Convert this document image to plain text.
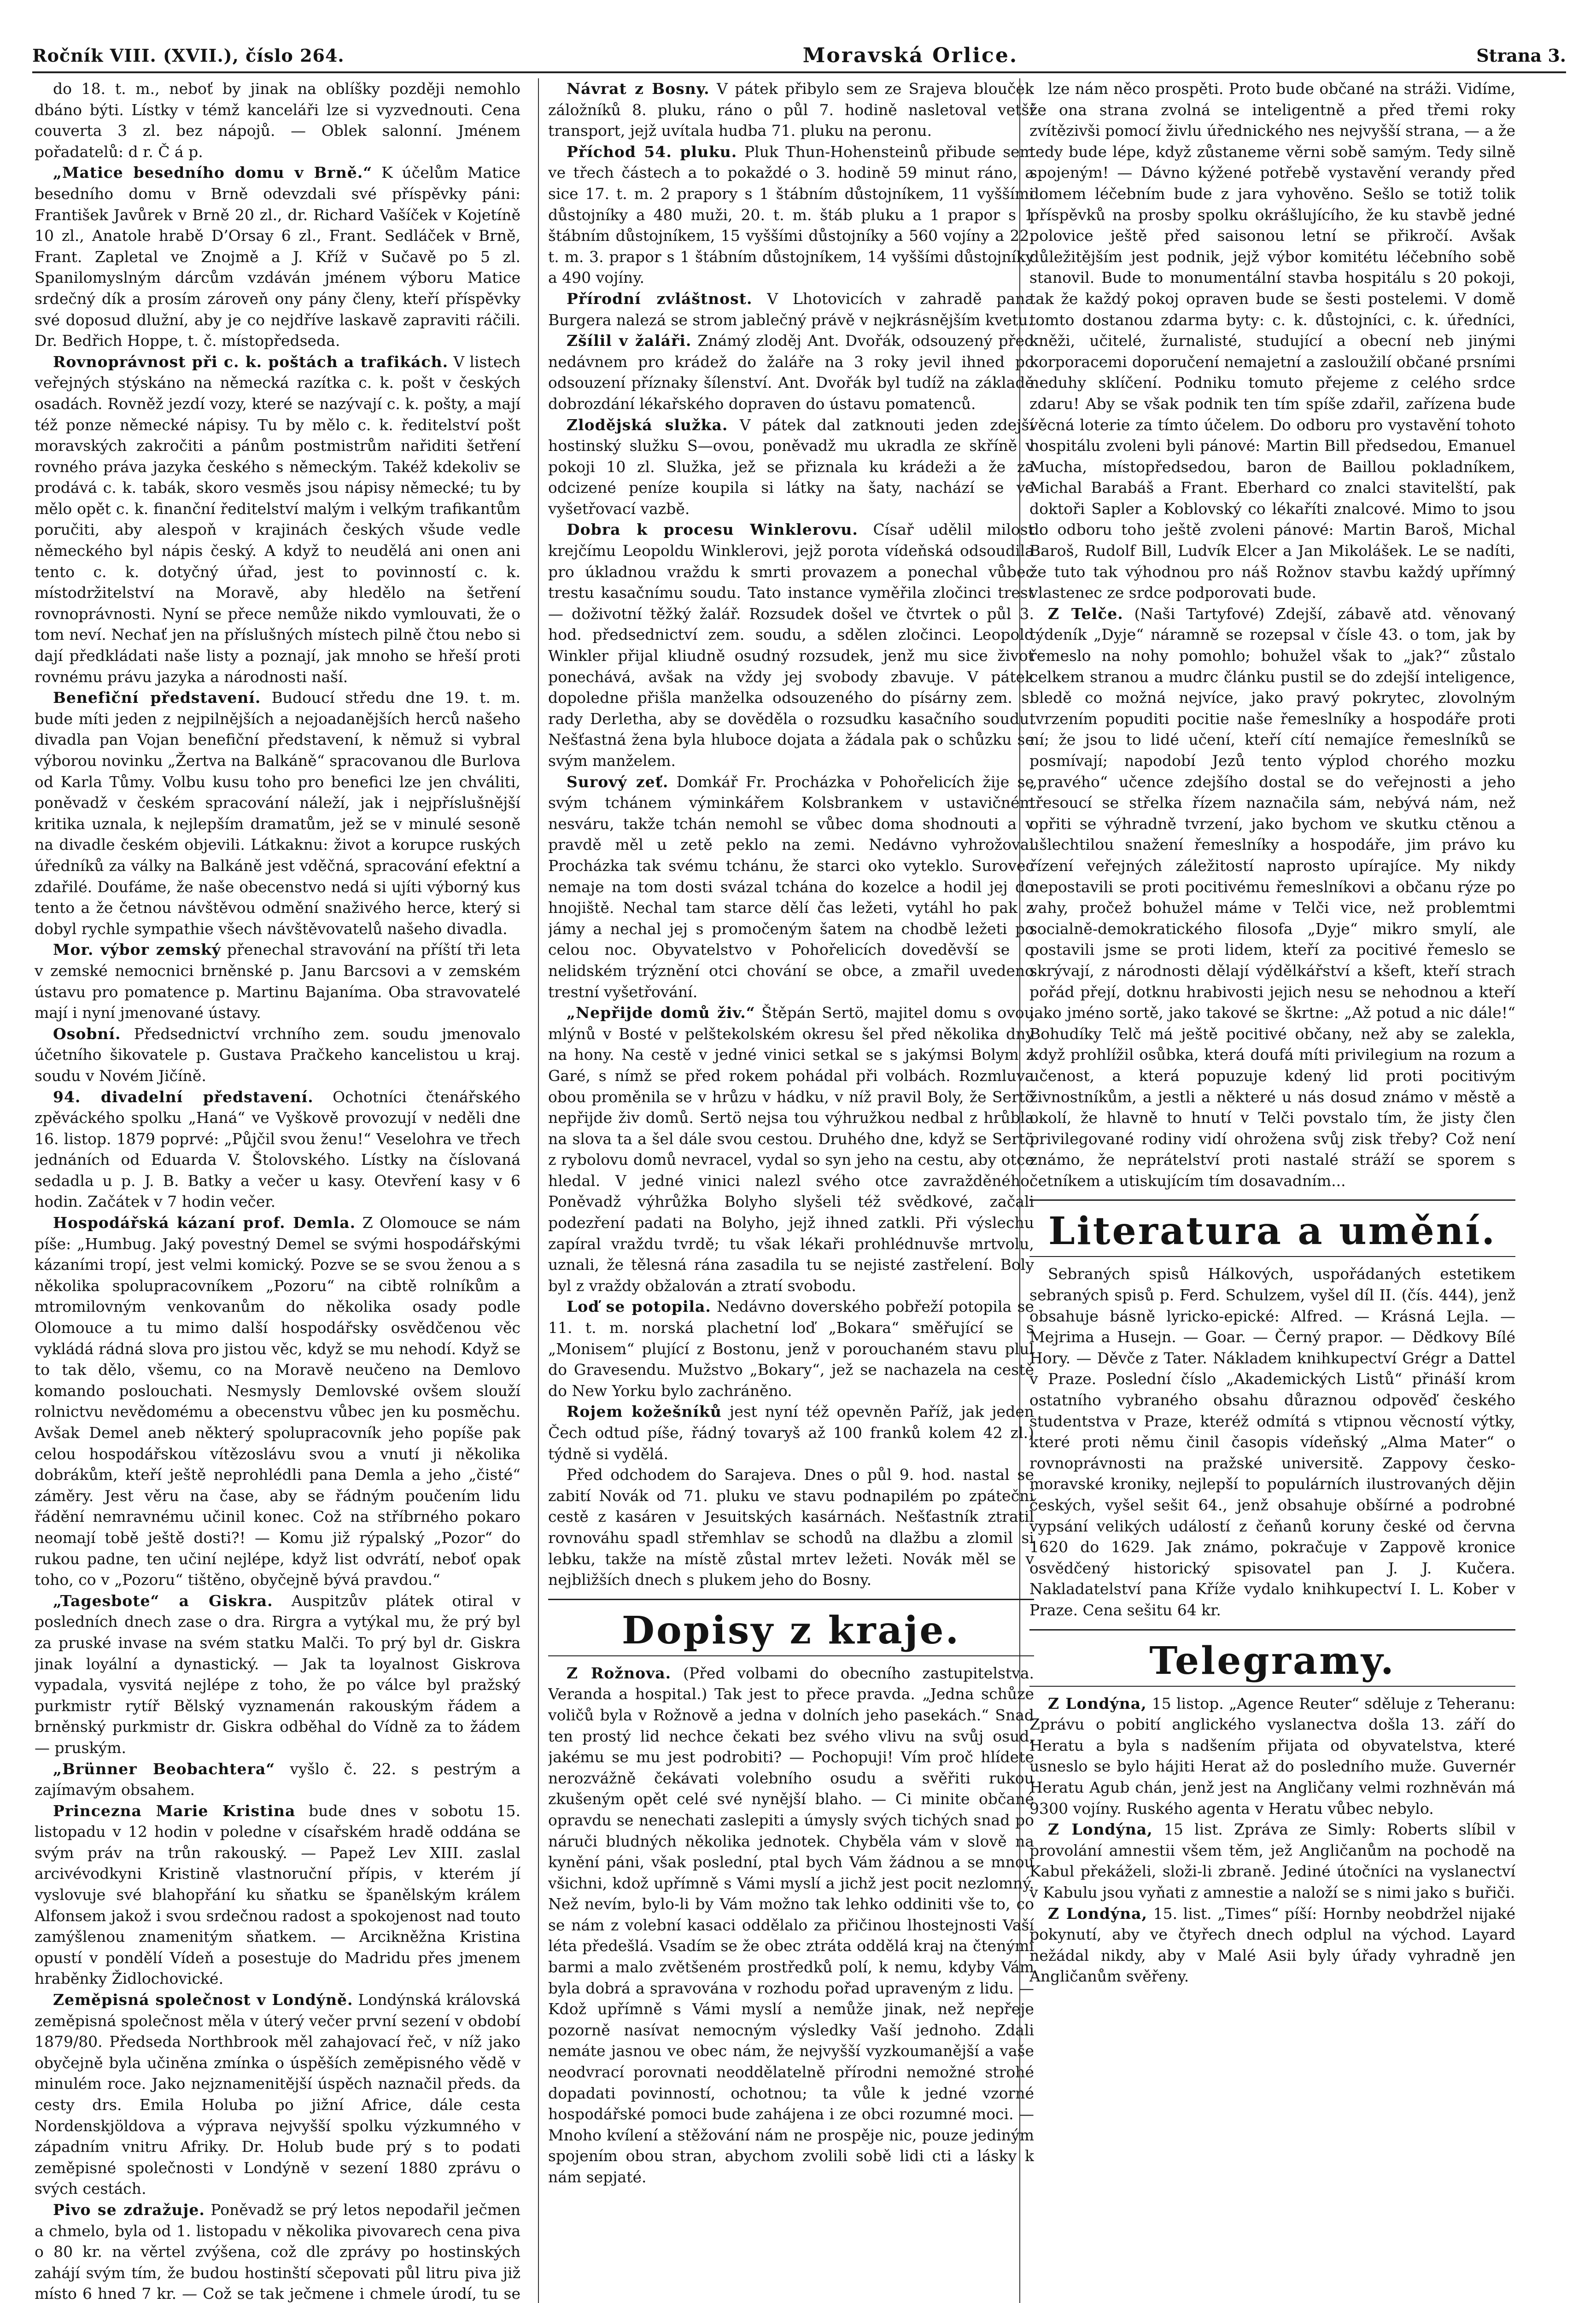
Ročník VIII. (XVII.), číslo 264.	Moravská Orlice.	Strana 3.

do 18. t. m., neboť by jinak na oblíšky později nemohlo dbáno býti. Lístky v témž kanceláři lze si vyzvednouti. Cena couverta 3 zl. bez nápojů. — Oblek salonní. Jménem pořadatelů: d r. Č á p.

„Matice besedního domu v Brně.“ K účelům Matice besedního domu v Brně odevzdali své příspěvky páni: František Javůrek v Brně 20 zl., dr. Richard Vašíček v Kojetíně 10 zl., Anatole hrabě D’Orsay 6 zl., Frant. Sedláček v Brně, Frant. Zapletal ve Znojmě a J. Kříž v Sučavě po 5 zl. Spanilomyslným dárcům vzdáván jménem výboru Matice srdečný dík a prosím zároveň ony pány členy, kteří příspěvky své doposud dlužní, aby je co nejdříve laskavě zapraviti ráčili. Dr. Bedřich Hoppe, t. č. místopředseda.

Rovnoprávnost při c. k. poštách a trafikách. V listech veřejných stýskáno na německá razítka c. k. pošt v českých osadách. Rovněž jezdí vozy, které se nazývají c. k. pošty, a mají též ponze německé nápisy. Tu by mělo c. k. ředitelství pošt moravských zakročiti a pánům postmistrům nařiditi šetření rovného práva jazyka českého s německým. Takéž kdekoliv se prodává c. k. tabák, skoro vesměs jsou nápisy německé; tu by mělo opět c. k. finanční ředitelství malým i velkým trafikantům poručiti, aby alespoň v krajinách českých všude vedle německého byl nápis český. A když to neudělá ani onen ani tento c. k. dotyčný úřad, jest to povinností c. k. místodržitelství na Moravě, aby hledělo na šetření rovnoprávnosti. Nyní se přece nemůže nikdo vymlouvati, že o tom neví. Nechať jen na příslušných místech pilně čtou nebo si dají předkládati naše listy a poznají, jak mnoho se hřeší proti rovnému právu jazyka a národnosti naší.

Benefiční představení. Budoucí středu dne 19. t. m. bude míti jeden z nejpilnějších a nejoadanějších herců našeho divadla pan Vojan benefiční představení, k němuž si vybral výborou novinku „Žertva na Balkáně“ spracovanou dle Burlova od Karla Tůmy. Volbu kusu toho pro benefici lze jen chváliti, poněvadž v českém spracování náleží, jak i nejpříslušnější kritika uznala, k nejlepším dramatům, jež se v minulé sesoně na divadle českém objevili. Látkaknu: život a korupce ruských úředníků za války na Balkáně jest vděčná, spracování efektní a zdařilé. Doufáme, že naše obecenstvo nedá si ujíti výborný kus tento a že četnou návštěvou odmění snaživého herce, který si dobyl rychle sympathie všech návštěvovatelů našeho divadla.

Mor. výbor zemský přenechal stravování na příští tři leta v zemské nemocnici brněnské p. Janu Barcsovi a v zemském ústavu pro pomatence p. Martinu Bajaníma. Oba stravovatelé mají i nyní jmenované ústavy.

Osobní. Předsednictví vrchního zem. soudu jmenovalo účetního šikovatele p. Gustava Pračkeho kancelistou u kraj. soudu v Novém Jičíně.

94. divadelní představení. Ochotníci čtenářského zpěváckého spolku „Haná“ ve Vyškově provozují v neděli dne 16. listop. 1879 poprvé: „Půjčil svou ženu!“ Veselohra ve třech jednáních od Eduarda V. Štolovského. Lístky na číslovaná sedadla u p. J. B. Batky a večer u kasy. Otevření kasy v 6 hodin. Začátek v 7 hodin večer.

Hospodářská kázaní prof. Demla. Z Olomouce se nám píše: „Humbug. Jaký povestný Demel se svými hospodářskými kázaními tropí, jest velmi komický. Pozve se se svou ženou a s několika spolupracovníkem „Pozoru“ na cibtě rolníkům a mtromilovným venkovanům do několika osady podle Olomouce a tu mimo další hospodářsky osvědčenou věc vykládá rádná slova pro jistou věc, když se mu nehodí. Když se to tak dělo, všemu, co na Moravě neučeno na Demlovo komando poslouchati. Nesmysly Demlovské ovšem slouží rolnictvu nevědomému a obecenstvu vůbec jen ku posměchu. Avšak Demel aneb některý spolupracovník jeho popíše pak celou hospodářskou vítězoslávu svou a vnutí ji několika dobrákům, kteří ještě neprohlédli pana Demla a jeho „čisté“ záměry. Jest věru na čase, aby se řádným poučením lidu řádění nemravnému učinil konec. Což na stříbrného pokaro neomají tobě ještě dosti?! — Komu již rýpalský „Pozor“ do rukou padne, ten učiní nejlépe, když list odvrátí, neboť opak toho, co v „Pozoru“ tištěno, obyčejně bývá pravdou.“

„Tagesbote“ a Giskra. Auspitzův plátek otiral v posledních dnech zase o dra. Rirgra a vytýkal mu, že prý byl za pruské invase na svém statku Malči. To prý byl dr. Giskra jinak loyální a dynastický. — Jak ta loyalnost Giskrova vypadala, vysvitá nejlépe z toho, že po válce byl pražský purkmistr rytíř Bělský vyznamenán rakouským řádem a brněnský purkmistr dr. Giskra odběhal do Vídně za to žádem — pruským.

„Brünner Beobachtera“ vyšlo č. 22. s pestrým a zajímavým obsahem.

Princezna Marie Kristina bude dnes v sobotu 15. listopadu v 12 hodin v poledne v císařském hradě oddána se svým práv na trůn rakouský. — Papež Lev XIII. zaslal arcivévodkyni Kristině vlastnoruční přípis, v kterém jí vyslovuje své blahopřání ku sňatku se španělským králem Alfonsem jakož i svou srdečnou radost a spokojenost nad touto zamýšlenou znamenitým sňatkem. — Arcikněžna Kristina opustí v pondělí Vídeň a posestuje do Madridu přes jmenem hraběnky Židlochovické.

Zeměpisná společnost v Londýně. Londýnská královská zeměpisná společnost měla v úterý večer první sezení v období 1879/80. Předseda Northbrook měl zahajovací řeč, v níž jako obyčejně byla učiněna zmínka o úspěších zeměpisného vědě v minulém roce. Jako nejznamenitější úspěch naznačil předs. da cesty drs. Emila Holuba po jižní Africe, dále cesta Nordenskjöldova a výprava nejvyšší spolku výzkumného v západním vnitru Afriky. Dr. Holub bude prý s to podati zeměpisné společnosti v Londýně v sezení 1880 zprávu o svých cestách.

Pivo se zdražuje. Poněvadž se prý letos nepodařil ječmen a chmelo, byla od 1. listopadu v několika pivovarech cena piva o 80 kr. na věrtel zvýšena, což dle zprávy po hostinských zahájí svým tím, že budou hostinští sčepovati půl litru piva již místo 6 hned 7 kr. — Což se tak ječmene i chmele úrodí, tu se

Návrat z Bosny. V pátek přibylo sem ze Srajeva blouček záložníků 8. pluku, ráno o půl 7. hodině nasletoval vetší transport, jejž uvítala hudba 71. pluku na peronu.

Příchod 54. pluku. Pluk Thun-Hohensteinů přibude sem ve třech částech a to pokaždé o 3. hodině 59 minut ráno, a sice 17. t. m. 2 prapory s 1 štábním důstojníkem, 11 vyššími důstojníky a 480 muži, 20. t. m. štáb pluku a 1 prapor s 1 štábním důstojníkem, 15 vyššími důstojníky a 560 vojíny a 22. t. m. 3. prapor s 1 štábním důstojníkem, 14 vyššími důstojníky a 490 vojíny.

Přírodní zvláštnost. V Lhotovicích v zahradě pana Burgera nalezá se strom jablečný právě v nejkrásnějším kvetu.

Zšílil v žaláři. Známý zloděj Ant. Dvořák, odsouzený před nedávnem pro krádež do žaláře na 3 roky jevil ihned po odsouzení příznaky šílenství. Ant. Dvořák byl tudíž na základě dobrozdání lékařského dopraven do ústavu pomatenců.

Zlodějská služka. V pátek dal zatknouti jeden zdejší hostinský služku S—ovou, poněvadž mu ukradla ze skříně v pokoji 10 zl. Služka, jež se přiznala ku krádeži a že za odcizené peníze koupila si látky na šaty, nachází se ve vyšetřovací vazbě.

Dobra k procesu Winklerovu. Císař udělil milost krejčímu Leopoldu Winklerovi, jejž porota vídeňská odsoudila pro úkladnou vraždu k smrti provazem a ponechal vůbec trestu kasačnímu soudu. Tato instance vyměřila zločinci trest — doživotní těžký žalář. Rozsudek došel ve čtvrtek o půl 3. hod. předsednictví zem. soudu, a sdělen zločinci. Leopold Winkler přijal kliudně osudný rozsudek, jenž mu sice život ponechává, avšak na vždy jej svobody zbavuje. V pátek dopoledne přišla manželka odsouzeného do písárny zem. s. rady Derletha, aby se dověděla o rozsudku kasačního soudu. Nešťastná žena byla hluboce dojata a žádala pak o schůzku se svým manželem.

Surový zeť. Domkář Fr. Procházka v Pohořelicích žije se svým tchánem výminkářem Kolsbrankem v ustavičném nesváru, takže tchán nemohl se vůbec doma shodnouti a v pravdě měl u zetě peklo na zemi. Nedávno vyhrožoval Procházka tak svému tchánu, že starci oko vyteklo. Surovec nemaje na tom dosti svázal tchána do kozelce a hodil jej do hnojiště. Nechal tam starce dělí čas ležeti, vytáhl ho pak z jámy a nechal jej s promočeným šatem na chodbě ležeti po celou noc. Obyvatelstvo v Pohořelicích doveděvší se o nelidském trýznění otci chování se obce, a zmařil uvedeno trestní vyšetřování.

„Nepřijde domů živ.“ Štěpán Sertö, majitel domu s ovou mlýnů v Bosté v pelštekolském okresu šel před několika dny na hony. Na cestě v jedné vinici setkal se s jakýmsi Bolym z Garé, s nímž se před rokem pohádal při volbách. Rozmluva obou proměnila se v hrůzu v hádku, v níž pravil Boly, že Sertö nepřijde živ domů. Sertö nejsa tou výhružkou nedbal z hrůbla na slova ta a šel dále svou cestou. Druhého dne, když se Sertö z rybolovu domů nevracel, vydal so syn jeho na cestu, aby otce hledal. V jedné vinici nalezl svého otce zavražděného. Poněvadž výhrůžka Bolyho slyšeli též svědkové, začali podezření padati na Bolyho, jejž ihned zatkli. Při výslechu zapíral vraždu tvrdě; tu však lékaři prohlédnuvše mrtvolu, uznali, že tělesná rána zasadila tu se nejisté zastřelení. Boly byl z vraždy obžalován a ztratí svobodu.

Loď se potopila. Nedávno doverského pobřeží potopila se 11. t. m. norská plachetní loď „Bokara“ směřující se s „Monisem“ plující z Bostonu, jenž v porouchaném stavu plul do Gravesendu. Mužstvo „Bokary“, jež se nachazela na cestě do New Yorku bylo zachráněno.

Rojem kožešníků jest nyní též opevněn Paříž, jak jeden Čech odtud píše, řádný tovaryš až 100 franků kolem 42 zl.) týdně si vydělá.

Před odchodem do Sarajeva. Dnes o půl 9. hod. nastal se zabití Novák od 71. pluku ve stavu podnapilém po zpáteční cestě z kasáren v Jesuitských kasárnách. Nešťastník ztratil rovnováhu spadl střemhlav se schodů na dlažbu a zlomil si lebku, takže na místě zůstal mrtev ležeti. Novák měl se v nejbližších dnech s plukem jeho do Bosny.

Dopisy z kraje.

Z Rožnova. (Před volbami do obecního zastupitelstva. Veranda a hospital.) Tak jest to přece pravda. „Jedna schůze voličů byla v Rožnově a jedna v dolních jeho pasekách.“ Snad ten prostý lid nechce čekati bez svého vlivu na svůj osud, jakému se mu jest podrobiti? — Pochopuji! Vím proč hlídete nerozvážně čekávati volebního osudu a svěřiti rukou zkušeným opět celé své nynější blaho. — Ci minite občané opravdu se nenechati zaslepiti a úmysly svých tichých snad po náruči bludných několika jednotek. Chyběla vám v slově na kynění páni, však poslední, ptal bych Vám žádnou a se mnou všichni, kdož upřímně s Vámi myslí a jichž jest pocit nezlomný. Než nevím, bylo-li by Vám možno tak lehko oddiniti vše to, co se nám z volební kasaci oddělalo za přičinou lhostejnosti Vaší léta předešlá. Vsadím se že obec ztráta oddělá kraj na čtenými barmi a malo zvětšeném prostředků polí, k nemu, kdyby Vám byla dobrá a spravována v rozhodu pořad upraveným z lidu. — Kdož upřímně s Vámi myslí a nemůže jinak, než nepřeje pozorně nasívat nemocným výsledky Vaší jednoho. Zdali nemáte jasnou ve obec nám, že nejvyšší vyzkoumanější a vaše neodvrací porovnati neoddělatelně přírodni nemožné strohé dopadati povinností, ochotnou; ta vůle k jedné vzorné hospodářské pomoci bude zahájena i ze obci rozumné moci. — Mnoho kvílení a stěžování nám ne prospěje nic, pouze jediným spojením obou stran, abychom zvolili sobě lidi cti a lásky k nám sepjaté.

lze nám něco prospěti. Proto bude občané na stráži. Vidíme, že ona strana zvolná se inteligentně a před třemi roky zvítězivši pomocí živlu úřednického nes nejvyšší strana, — a že tedy bude lépe, když zůstaneme věrni sobě samým. Tedy silně spojeným! — Dávno kýžené potřebě vystavění verandy před domem léčebním bude z jara vyhověno. Sešlo se totiž tolik příspěvků na prosby spolku okrášlujícího, že ku stavbě jedné polovice ještě před saisonou letní se přikročí. Avšak důležitějším jest podnik, jejž výbor komitétu léčebního sobě stanovil. Bude to monumentální stavba hospitálu s 20 pokoji, tak že každý pokoj opraven bude se šesti postelemi. V domě tomto dostanou zdarma byty: c. k. důstojníci, c. k. úředníci, kněži, učitelé, žurnalisté, studující a obecní neb jinými korporacemi doporučení nemajetní a zasloužilí občané prsními neduhy sklíčení. Podniku tomuto přejeme z celého srdce zdaru! Aby se však podnik ten tím spíše zdařil, zařízena bude věcná loterie za tímto účelem. Do odboru pro vystavění tohoto hospitálu zvoleni byli pánové: Martin Bill předsedou, Emanuel Mucha, místopředsedou, baron de Baillou pokladníkem, Michal Barabáš a Frant. Eberhard co znalci stavitelští, pak doktoři Sapler a Koblovský co lékaříti znalcové. Mimo to jsou do odboru toho ještě zvoleni pánové: Martin Baroš, Michal Baroš, Rudolf Bill, Ludvík Elcer a Jan Mikolášek. Le se nadíti, že tuto tak výhodnou pro náš Rožnov stavbu každý upřímný vlastenec ze srdce podporovati bude.

Z Telče. (Naši Tartyfové) Zdejší, zábavě atd. věnovaný týdeník „Dyje“ náramně se rozepsal v čísle 43. o tom, jak by řemeslo na nohy pomohlo; bohužel však to „jak?“ zůstalo celkem stranou a mudrc článku pustil se do zdejší inteligence, bledě co možná nejvíce, jako pravý pokrytec, zlovolným tvrzením popuditi pocitie naše řemeslníky a hospodáře proti ní; že jsou to lidé učení, kteří cítí nemajíce řemeslníků se posmívají; napodobí Jezů tento výplod chorého mozku „pravého“ učence zdejšího dostal se do veřejnosti a jeho třesoucí se střelka řízem naznačila sám, nebývá nám, než opřiti se výhradně tvrzení, jako bychom ve skutku ctěnou a ušlechtilou snažení řemeslníky a hospodáře, jim právo ku řízení veřejných záležitostí naprosto upírajíce. My nikdy nepostavili se proti pocitivému řemeslníkovi a občanu rýze po vahy, pročež bohužel máme v Telči vice, než problemtmi socialně-demokratického filosofa „Dyje“ mikro smylí, ale postavili jsme se proti lidem, kteří za pocitivé řemeslo se skrývají, z národnosti dělají výdělkářství a kšeft, kteří strach pořád přejí, dotknu hrabivosti jejich nesu se nehodnou a kteří jako jméno sortě, jako takové se škrtne: „Až potud a nic dále!“ Bohudíky Telč má ještě pocitivé občany, než aby se zalekla, když prohlížil osůbka, která doufá míti privilegium na rozum a učenost, a která popuzuje kdený lid proti pocitivým živnostníkům, a jestli a některé u nás dosud známo v městě a okolí, že hlavně to hnutí v Telči povstalo tím, že jisty člen privilegované rodiny vidí ohrožena svůj zisk třeby? Což není známo, že neprátelství proti nastalé stráží se sporem s četníkem a utiskujícím tím dosavadním...

Literatura a umění.

Sebraných spisů Hálkových, uspořádaných estetikem sebraných spisů p. Ferd. Schulzem, vyšel díl II. (čís. 444), jenž obsahuje básně lyricko-epické: Alfred. — Krásná Lejla. — Mejrima a Husejn. — Goar. — Černý prapor. — Dědkovy Bílé Hory. — Děvče z Tater. Nákladem knihkupectví Grégr a Dattel v Praze. Poslední číslo „Akademických Listů“ přináší krom ostatního vybraného obsahu důraznou odpověď českého studentstva v Praze, kteréž odmítá s vtipnou věcností výtky, které proti němu činil časopis vídeňský „Alma Mater“ o rovnoprávnosti na pražské universitě. Zappovy česko-moravské kroniky, nejlepší to populárních ilustrovaných dějin českých, vyšel sešit 64., jenž obsahuje obšírné a podrobné vypsání velikých událostí z čeňanů koruny české od června 1620 do 1629. Jak známo, pokračuje v Zappově kronice osvědčený historický spisovatel pan J. J. Kučera. Nakladatelství pana Kříže vydalo knihkupectví I. L. Kober v Praze. Cena sešitu 64 kr.

Telegramy.

Z Londýna, 15 listop. „Agence Reuter“ sděluje z Teheranu: Zprávu o pobití anglického vyslanectva došla 13. září do Heratu a byla s nadšením přijata od obyvatelstva, které usneslo se bylo hájiti Herat až do posledního muže. Guvernér Heratu Agub chán, jenž jest na Angličany velmi rozhněván má 9300 vojíny. Ruského agenta v Heratu vůbec nebylo.

Z Londýna, 15 list. Zpráva ze Simly: Roberts slíbil v provolání amnestii všem těm, jež Angličanům na pochodě na Kabul překáželi, složi-li zbraně. Jediné útočníci na vyslanectví v Kabulu jsou vyňati z amnestie a naloží se s nimi jako s buřiči.

Z Londýna, 15. list. „Times“ píší: Hornby neobdržel nijaké pokynutí, aby ve čtyřech dnech odplul na východ. Layard nežádal nikdy, aby v Malé Asii byly úřady vyhradně jen Angličanům svěřeny.
